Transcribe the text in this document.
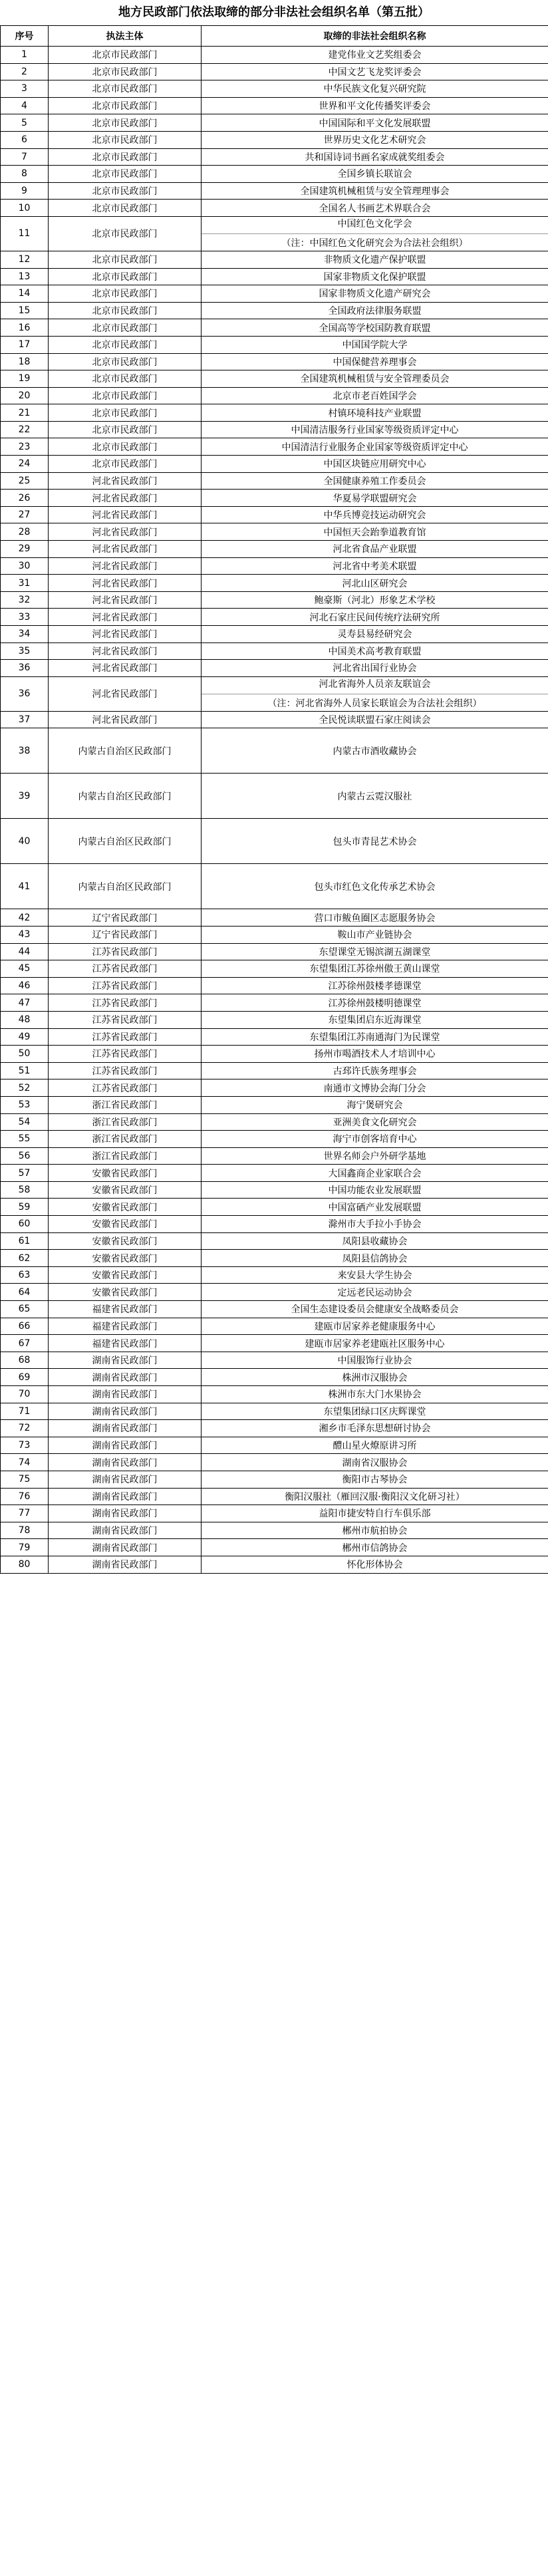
地方民政部门依法取缔的部分非法社会组织名单（第五批）
序号	执法主体	取缔的非法社会组织名称
1	北京市民政部门	建党伟业文艺奖组委会
2	北京市民政部门	中国文艺飞龙奖评委会
3	北京市民政部门	中华民族文化复兴研究院
4	北京市民政部门	世界和平文化传播奖评委会
5	北京市民政部门	中国国际和平文化发展联盟
6	北京市民政部门	世界历史文化艺术研究会
7	北京市民政部门	共和国诗词书画名家成就奖组委会
8	北京市民政部门	全国乡镇长联谊会
9	北京市民政部门	全国建筑机械租赁与安全管理理事会
10	北京市民政部门	全国名人书画艺术界联合会
11	北京市民政部门	中国红色文化学会
（注：中国红色文化研究会为合法社会组织）

12	北京市民政部门	非物质文化遗产保护联盟
13	北京市民政部门	国家非物质文化保护联盟
14	北京市民政部门	国家非物质文化遗产研究会
15	北京市民政部门	全国政府法律服务联盟
16	北京市民政部门	全国高等学校国防教育联盟
17	北京市民政部门	中国国学院大学
18	北京市民政部门	中国保健营养理事会
19	北京市民政部门	全国建筑机械租赁与安全管理委员会
20	北京市民政部门	北京市老百姓国学会
21	北京市民政部门	村镇环境科技产业联盟
22	北京市民政部门	中国清洁服务行业国家等级资质评定中心
23	北京市民政部门	中国清洁行业服务企业国家等级资质评定中心
24	北京市民政部门	中国区块链应用研究中心
25	河北省民政部门	全国健康养殖工作委员会
26	河北省民政部门	华夏易学联盟研究会
27	河北省民政部门	中华兵博竞技运动研究会
28	河北省民政部门	中国恒天会跆拳道教育馆
29	河北省民政部门	河北省食品产业联盟
30	河北省民政部门	河北省中考美术联盟
31	河北省民政部门	河北山区研究会
32	河北省民政部门	鲍豪斯（河北）形象艺术学校
33	河北省民政部门	河北石家庄民间传统疗法研究所
34	河北省民政部门	灵寿县易经研究会
35	河北省民政部门	中国美术高考教育联盟
36	河北省民政部门	河北省出国行业协会
36	河北省民政部门	河北省海外人员亲友联谊会
（注：河北省海外人员家长联谊会为合法社会组织）

37	河北省民政部门	全民悦读联盟石家庄阅读会
38	内蒙古自治区民政部门	内蒙古市酒收藏协会
39	内蒙古自治区民政部门	内蒙古云霓汉服社
40	内蒙古自治区民政部门	包头市青昆艺术协会
41	内蒙古自治区民政部门	包头市红色文化传承艺术协会
42	辽宁省民政部门	营口市鲅鱼圈区志愿服务协会
43	辽宁省民政部门	鞍山市产业链协会
44	江苏省民政部门	东望课堂无锡滨湖五湖课堂
45	江苏省民政部门	东望集团江苏徐州傲王黄山课堂
46	江苏省民政部门	江苏徐州鼓楼孝德课堂
47	江苏省民政部门	江苏徐州鼓楼明德课堂
48	江苏省民政部门	东望集团启东近海课堂
49	江苏省民政部门	东望集团江苏南通海门为民课堂
50	江苏省民政部门	扬州市喝酒技术人才培训中心
51	江苏省民政部门	古邳许氏族务理事会
52	江苏省民政部门	南通市文博协会海门分会
53	浙江省民政部门	海宁煲研究会
54	浙江省民政部门	亚洲美食文化研究会
55	浙江省民政部门	海宁市创客培育中心
56	浙江省民政部门	世界名师会户外研学基地
57	安徽省民政部门	大国鑫商企业家联合会
58	安徽省民政部门	中国功能农业发展联盟
59	安徽省民政部门	中国富硒产业发展联盟
60	安徽省民政部门	滁州市大手拉小手协会
61	安徽省民政部门	凤阳县收藏协会
62	安徽省民政部门	凤阳县信鸽协会
63	安徽省民政部门	来安县大学生协会
64	安徽省民政部门	定远老民运动协会
65	福建省民政部门	全国生态建设委员会健康安全战略委员会
66	福建省民政部门	建瓯市居家养老健康服务中心
67	福建省民政部门	建瓯市居家养老建瓯社区服务中心
68	湖南省民政部门	中国服饰行业协会
69	湖南省民政部门	株洲市汉服协会
70	湖南省民政部门	株洲市东大门水果协会
71	湖南省民政部门	东望集团绿口区庆辉课堂
72	湖南省民政部门	湘乡市毛泽东思想研讨协会
73	湖南省民政部门	醴山星火燎原讲习所
74	湖南省民政部门	湖南省汉服协会
75	湖南省民政部门	衡阳市古琴协会
76	湖南省民政部门	衡阳汉服社（雁回汉服·衡阳汉文化研习社）
77	湖南省民政部门	益阳市捷安特自行车俱乐部
78	湖南省民政部门	郴州市航拍协会
79	湖南省民政部门	郴州市信鸽协会
80	湖南省民政部门	怀化形体协会
